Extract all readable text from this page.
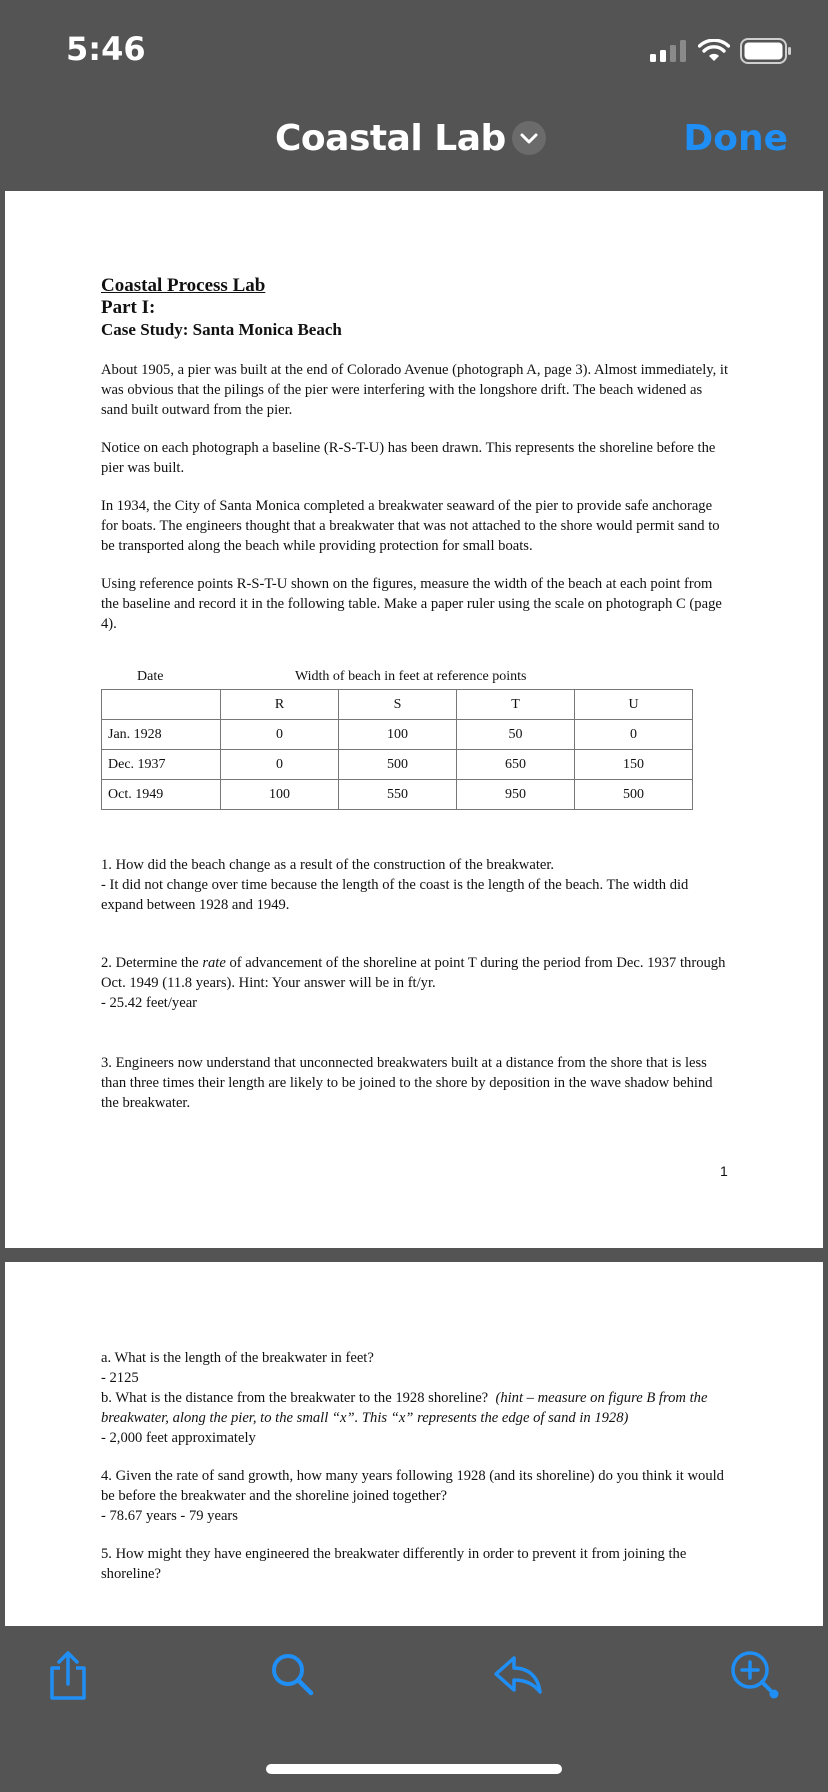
5:46
Coastal Lab	Done
Coastal Process Lab
Part I:
Case Study: Santa Monica Beach

About 1905, a pier was built at the end of Colorado Avenue (photograph A, page 3). Almost immediately, it was obvious that the pilings of the pier were interfering with the longshore drift. The beach widened as sand built outward from the pier.

Notice on each photograph a baseline (R-S-T-U) has been drawn. This represents the shoreline before the pier was built.

In 1934, the City of Santa Monica completed a breakwater seaward of the pier to provide safe anchorage for boats. The engineers thought that a breakwater that was not attached to the shore would permit sand to be transported along the beach while providing protection for small boats.

Using reference points R-S-T-U shown on the figures, measure the width of the beach at each point from the baseline and record it in the following table. Make a paper ruler using the scale on photograph C (page 4).

Date	Width of beach in feet at reference points
	R	S	T	U
Jan. 1928	0	100	50	0
Dec. 1937	0	500	650	150
Oct. 1949	100	550	950	500

1. How did the beach change as a result of the construction of the breakwater.

- It did not change over time because the length of the coast is the length of the beach. The width did expand between 1928 and 1949.

2. Determine the rate of advancement of the shoreline at point T during the period from Dec. 1937 through Oct. 1949 (11.8 years). Hint: Your answer will be in ft/yr.

- 25.42 feet/year

3. Engineers now understand that unconnected breakwaters built at a distance from the shore that is less than three times their length are likely to be joined to the shore by deposition in the wave shadow behind the breakwater.

1

a. What is the length of the breakwater in feet?

- 2125

b. What is the distance from the breakwater to the 1928 shoreline? (hint – measure on figure B from the breakwater, along the pier, to the small “x”. This “x” represents the edge of sand in 1928)

- 2,000 feet approximately

4. Given the rate of sand growth, how many years following 1928 (and its shoreline) do you think it would be before the breakwater and the shoreline joined together?

- 78.67 years - 79 years

5. How might they have engineered the breakwater differently in order to prevent it from joining the shoreline?
